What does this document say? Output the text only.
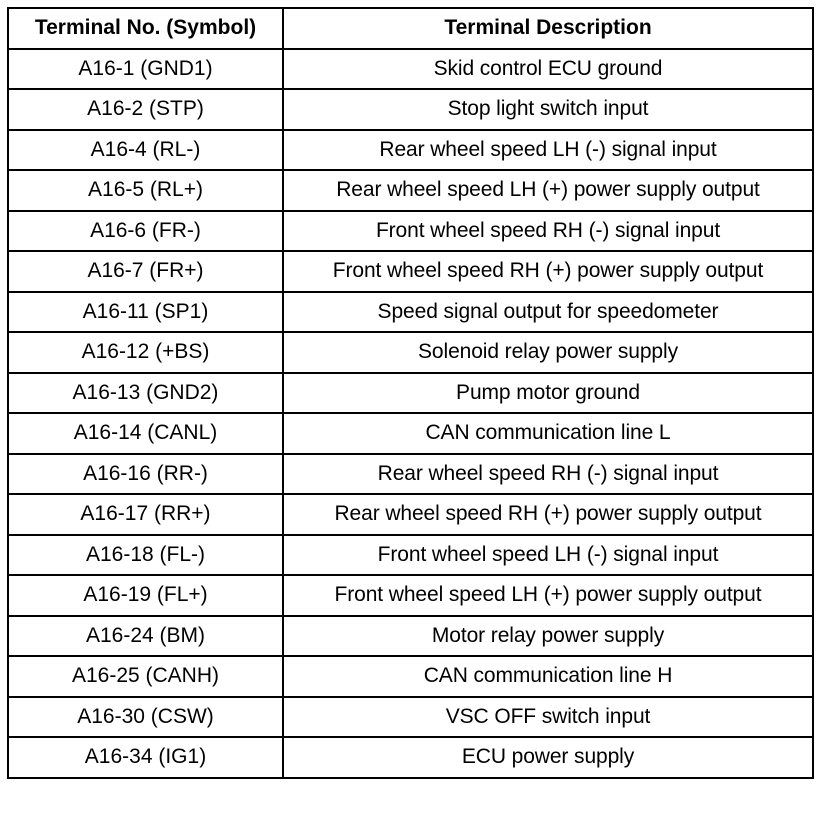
Terminal No. (Symbol)	Terminal Description
A16-1 (GND1)	Skid control ECU ground
A16-2 (STP)	Stop light switch input
A16-4 (RL-)	Rear wheel speed LH (-) signal input
A16-5 (RL+)	Rear wheel speed LH (+) power supply output
A16-6 (FR-)	Front wheel speed RH (-) signal input
A16-7 (FR+)	Front wheel speed RH (+) power supply output
A16-11 (SP1)	Speed signal output for speedometer
A16-12 (+BS)	Solenoid relay power supply
A16-13 (GND2)	Pump motor ground
A16-14 (CANL)	CAN communication line L
A16-16 (RR-)	Rear wheel speed RH (-) signal input
A16-17 (RR+)	Rear wheel speed RH (+) power supply output
A16-18 (FL-)	Front wheel speed LH (-) signal input
A16-19 (FL+)	Front wheel speed LH (+) power supply output
A16-24 (BM)	Motor relay power supply
A16-25 (CANH)	CAN communication line H
A16-30 (CSW)	VSC OFF switch input
A16-34 (IG1)	ECU power supply
